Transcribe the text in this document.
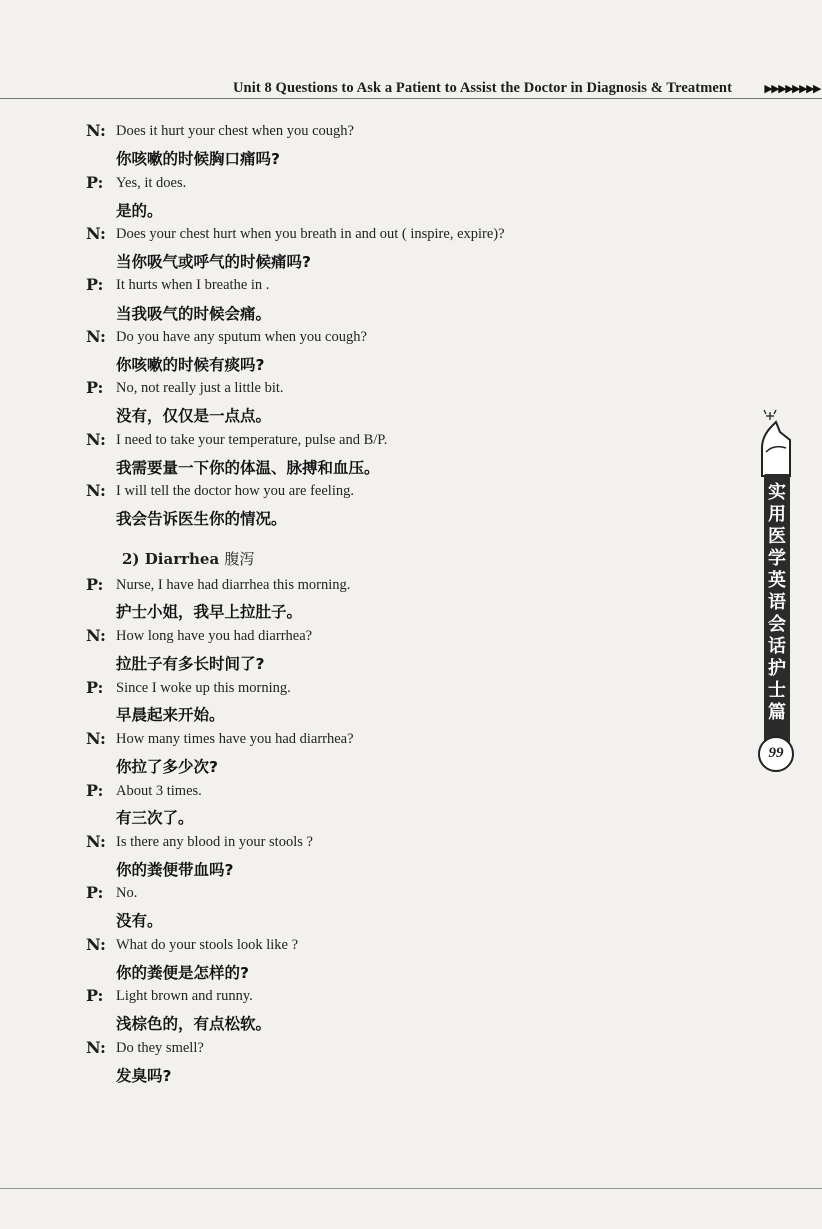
Unit 8 Questions to Ask a Patient to Assist the Doctor in Diagnosis & Treatment	▶▶▶▶▶▶▶▶
N: Does it hurt your chest when you cough?
你咳嗽的时候胸口痛吗?
P: Yes, it does.
是的。
N: Does your chest hurt when you breath in and out ( inspire, expire)?
当你吸气或呼气的时候痛吗?
P: It hurts when I breathe in .
当我吸气的时候会痛。
N: Do you have any sputum when you cough?
你咳嗽的时候有痰吗?
P: No, not really just a little bit.
没有，仅仅是一点点。
N: I need to take your temperature, pulse and B/P.
我需要量一下你的体温、脉搏和血压。
N: I will tell the doctor how you are feeling.
我会告诉医生你的情况。
2) Diarrhea 腹泻
P: Nurse, I have had diarrhea this morning.
护士小姐，我早上拉肚子。
N: How long have you had diarrhea?
拉肚子有多长时间了?
P: Since I woke up this morning.
早晨起来开始。
N: How many times have you had diarrhea?
你拉了多少次?
P: About 3 times.
有三次了。
N: Is there any blood in your stools ?
你的粪便带血吗?
P: No.
没有。
N: What do your stools look like ?
你的粪便是怎样的?
P: Light brown and runny.
浅棕色的，有点松软。
N: Do they smell?
发臭吗?
实用医学英语会话护士篇
99
